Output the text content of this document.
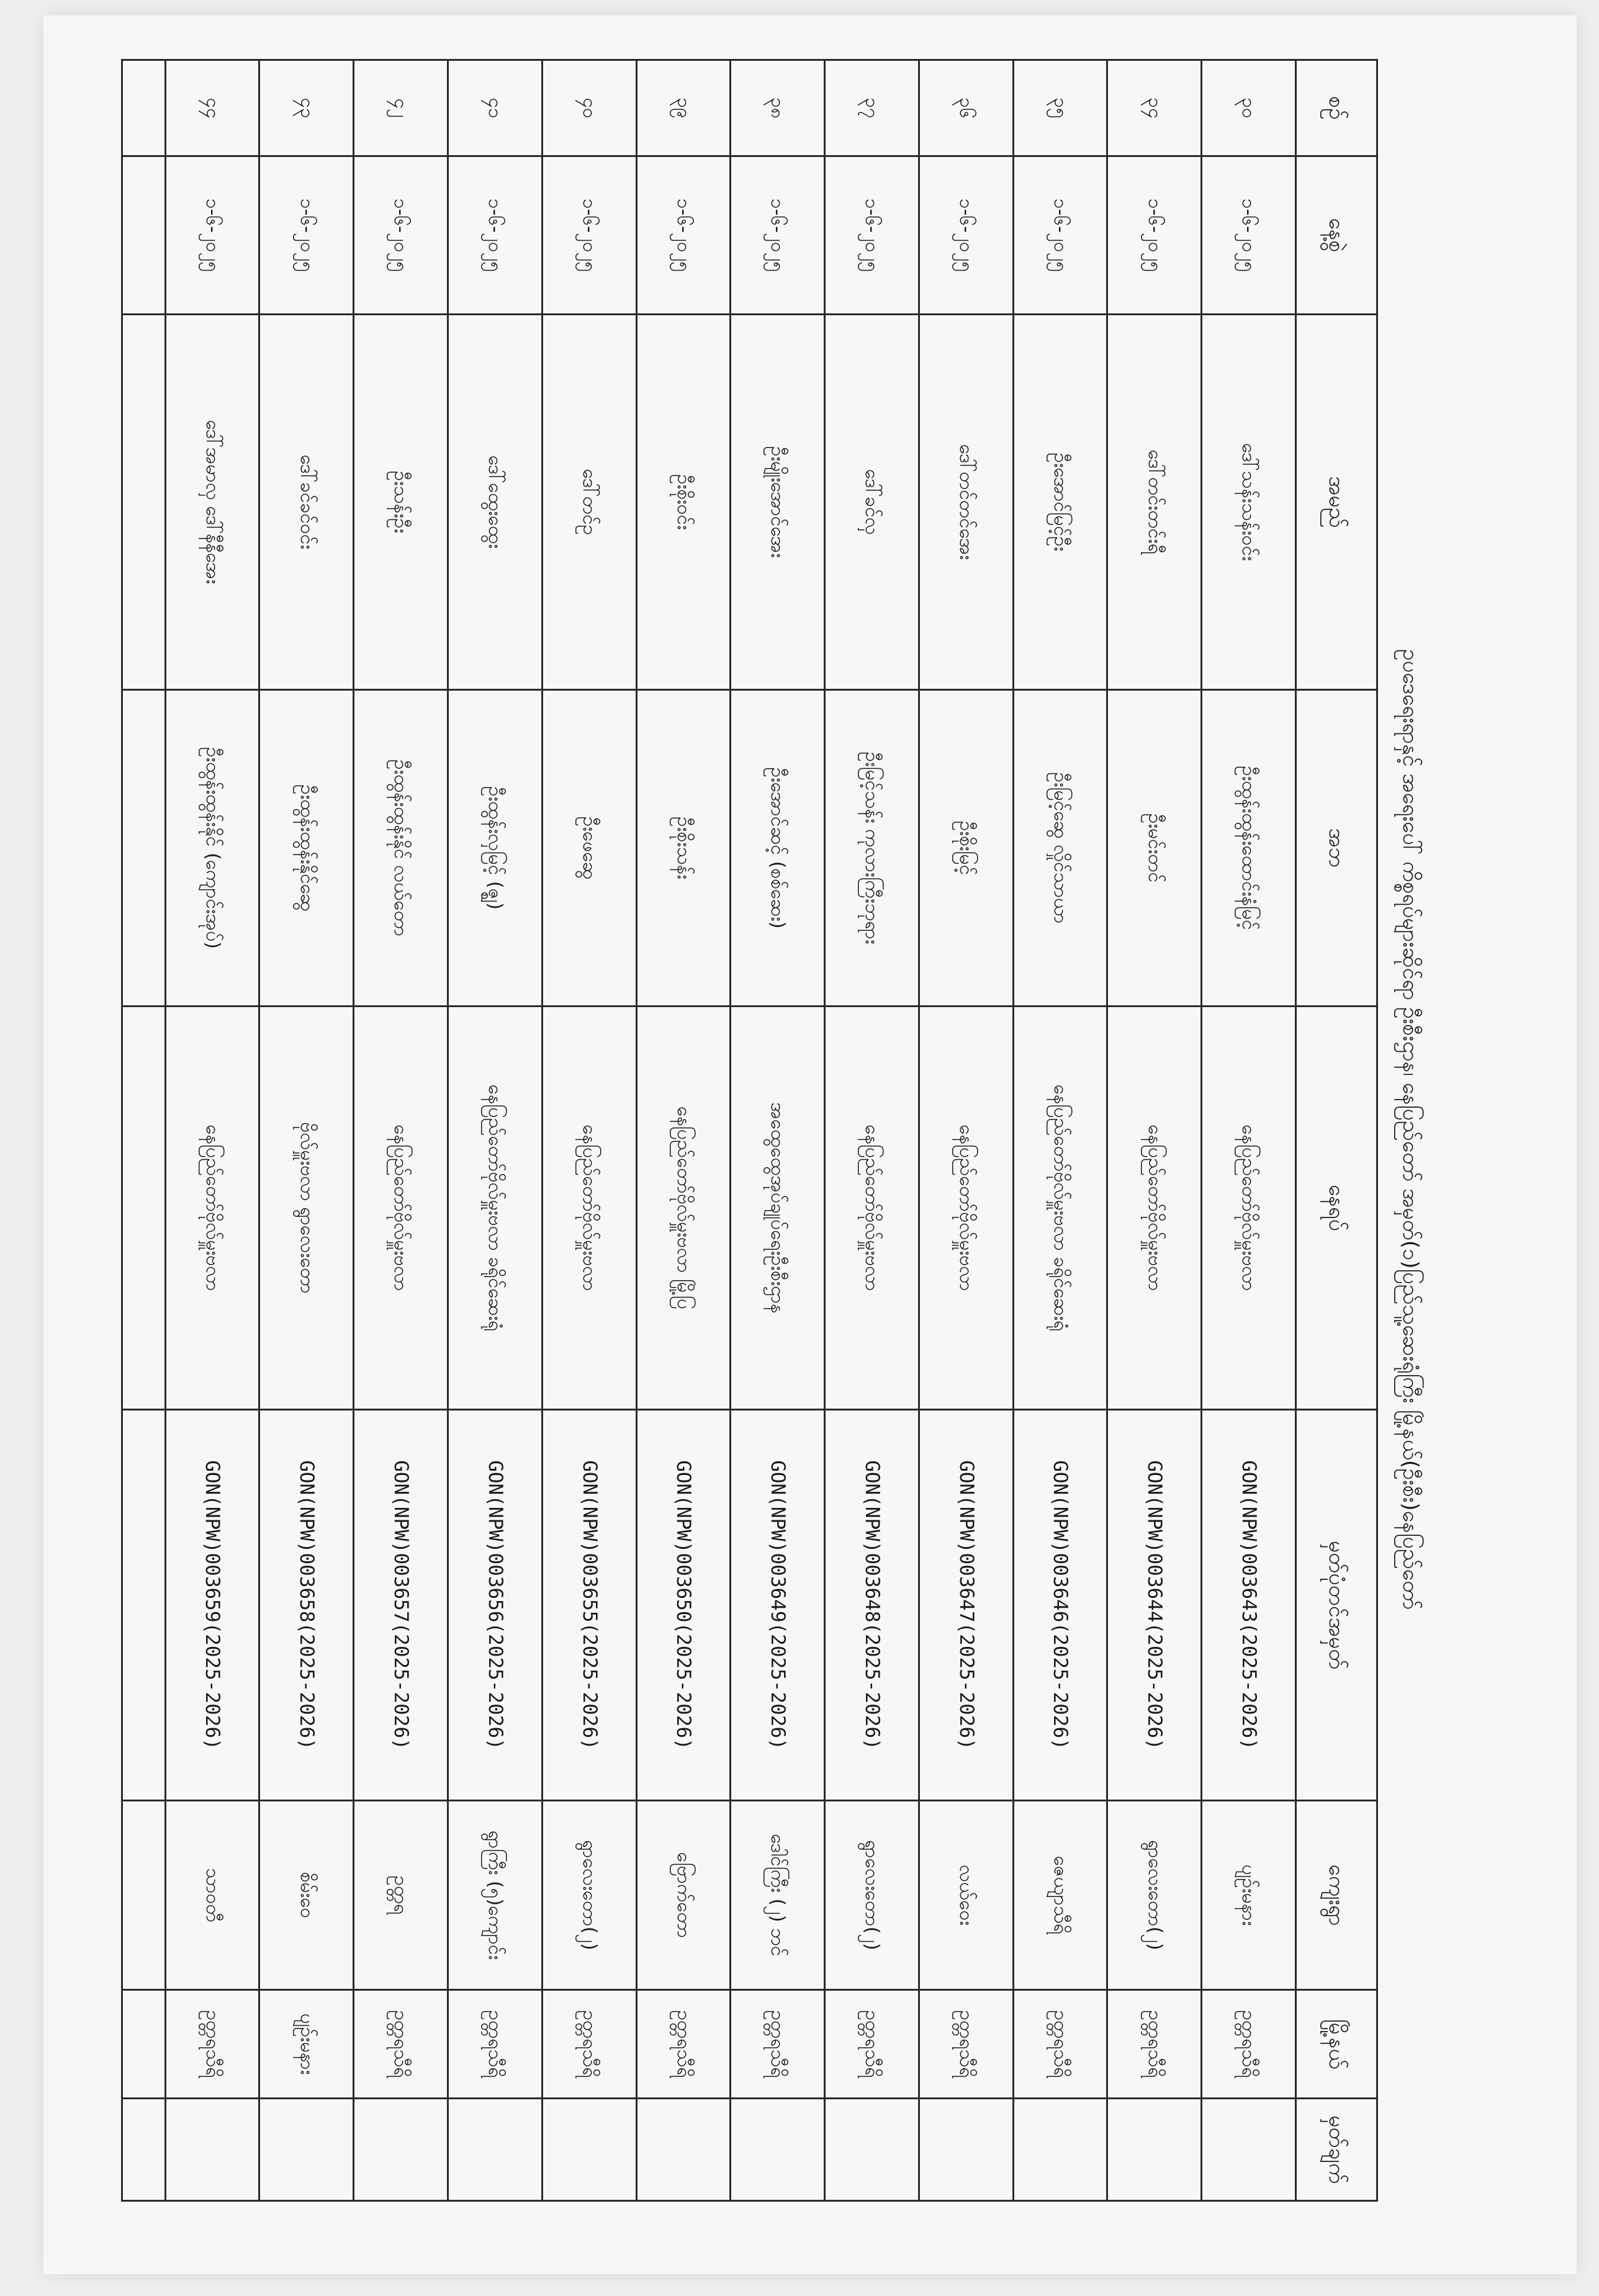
ဥပဒေရေးရာနှင့် အရေးပေါ် ကိစ္စရပ်များဆိုင်ရာ ဦးစီးဌာန၊ နေပြည်တော် အမှတ်(၁)ပြည်သူ့ဆေးရုံကြီး မြို့နယ်(ဦးစီး)နေပြည်တော်
စဉ်	နေ့စွဲ	အမည်	အဘ	နေရပ်	မှတ်ပုံတင်အမှတ်	ကျေးရွာ	မြို့နယ်	မှတ်ချက်
၃၀	၁-၆-၂၀၂၅	ဒေါ်သန်းသန်းဝင်း	ဦးထွန်းထွန်းထောင်းနံမြင့်	နေပြည်တော်ဗိုလ်မှူးဗလာ	GON(NPW)003643(2025-2026)	ပျဉ်းမနား	ဥတ္တရသီရိ	
၃၄	၁-၆-၂၀၂၅	ဒေါ်တင်းတင်းရီ	ဦးမင်းတင်	နေပြည်တော်ဗိုလ်မှူးဗလာ	GON(NPW)003644(2025-2026)	ရွာလေးတော(၂)	ဥတ္တရသီရိ	
၃၅	၁-၆-၂၀၂၅	ဦးအောင်မြင့်ဦး	ဦးမြင့်ဆွေ လှိုင်သာယာ	နေပြည်တော်ဗိုလ်မှူးဗလာ ခရိုင်ဆေးရုံ	GON(NPW)003646(2025-2026)	ဇေယျာသီရိ	ဥတ္တရသီရိ	
၃၆	၁-၆-၂၀၂၅	ဒေါ်တင်တင်အေး	ဦးစိုးမြင့်	နေပြည်တော်ဗိုလ်မှူးဗလာ	GON(NPW)003647(2025-2026)	လယ်ဝေး	ဥတ္တရသီရိ	
၃၇	၁-၆-၂၀၂၅	ဒေါ်ခင်လှ	ဦးမြင့်သန်း ကုလားကြီးဘုရား	နေပြည်တော်ဗိုလ်မှူးဗလာ	GON(NPW)003648(2025-2026)	ရွာလေးတော(၂)	ဥတ္တရသီရိ	
၃၈	၁-၆-၂၀၂၅	ဦးမျိုးအောင်အေး	ဦးအောင်ဆင့် (စစ်ဆေး)	အထွေထွေအုပ်ချုပ်ရေးဦးစီးဌာန	GON(NPW)003649(2025-2026)	ဒေါင်ကြီး (၂) ဘင်	ဥတ္တရသီရိ	
၃၉	၁-၆-၂၀၂၅	ဦးစိုးဝင်း	ဦးစိုးသန်း	နေပြည်တော်ဗိုလ်မှူးဗလာ မြို့ပြ	GON(NPW)003650(2025-2026)	ဗြောက်တော	ဥတ္တရသီရိ	
၄၀	၁-၆-၂၀၂၅	ဒေါ်တင်ဥ	ဦးဖေဆွေ	နေပြည်တော်ဗိုလ်မှူးဗလာ	GON(NPW)003655(2025-2026)	ရွာလေးတော(၂)	ဥတ္တရသီရိ	
၄၁	၁-၆-၂၀၂၅	ဒေါ်ထွေးထွေး	ဦးထွန်းလှမြင့် (ဇ္ဈ)	နေပြည်တော်ဗိုလ်မှူးဗလာ ခရိုင်ဆေးရုံ	GON(NPW)003656(2025-2026)	ရွာကြီး (၅)ကျောင်း	ဥတ္တရသီရိ	
၄၂	၁-၆-၂၀၂၅	ဦးသန်းဦး	ဦးထွန်းထွန်းနိုင် လယ်တော	နေပြည်တော်ဗိုလ်မှူးဗလာ	GON(NPW)003657(2025-2026)	ဥတ္တရ	ဥတ္တရသီရိ	
၄၃	၁-၆-၂၀၂၅	ဒေါ်ခင်ခင်ဝင်း	ဦးထွန်းထွန်းနိုင်ဆွေ	ဗိုလ်မှူးဗလာ ရွာလေးတော	GON(NPW)003658(2025-2026)	စိမ်းဝေ	ပျဉ်းမနား	
၄၄	၁-၆-၂၀၂၅	ဒေါ်အမာလှ ဒေါ်နီနီအေး	ဦးထွန်းထွန်းနိုင် (ကျောင်းအုပ်)	နေပြည်တော်ဗိုလ်မှူးဗလာ	GON(NPW)003659(2025-2026)	သာဝတီ	ဥတ္တရသီရိ	
